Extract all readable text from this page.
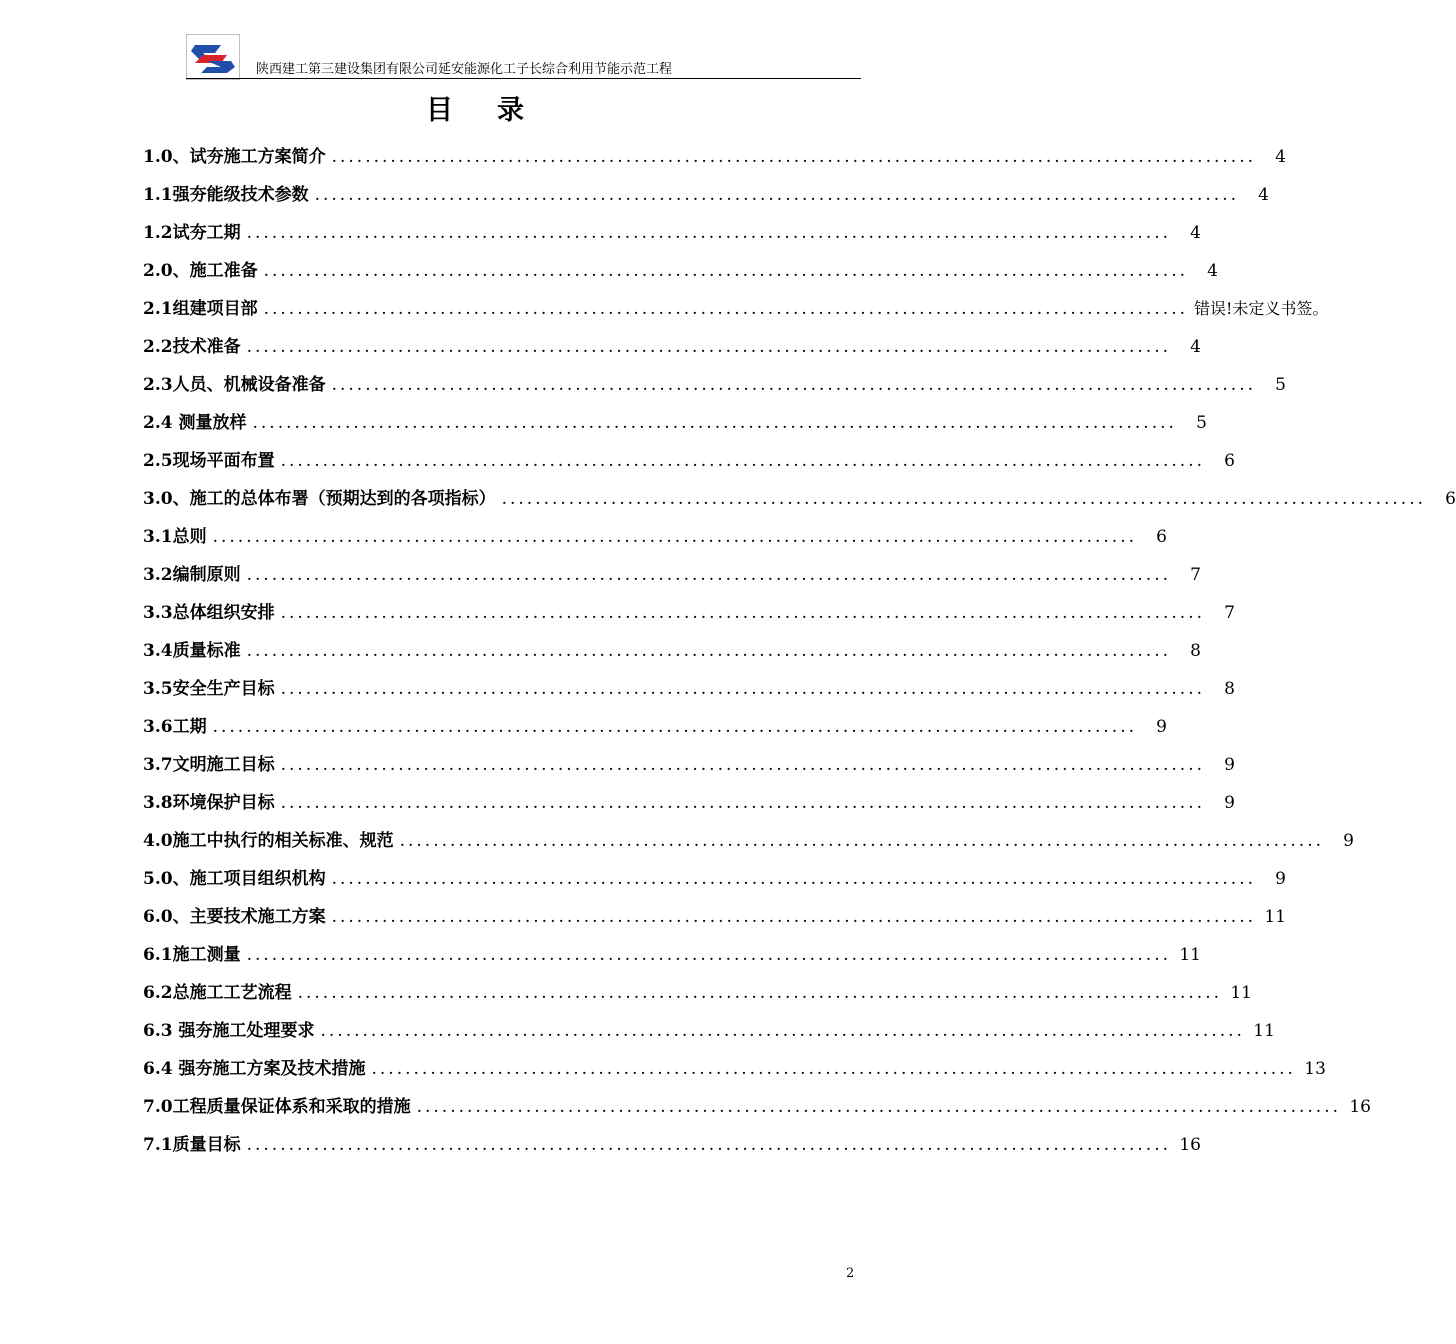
陕西建工第三建设集团有限公司延安能源化工子长综合利用节能示范工程
目录
1.0、试夯施工方案简介 ..............................................................................................................	4
1.1强夯能级技术参数 ..............................................................................................................	4
1.2试夯工期 ..............................................................................................................	4
2.0、施工准备 ..............................................................................................................	4
2.1组建项目部 .............................................................................................................. 错误!未定义书签。
2.2技术准备 ..............................................................................................................	4
2.3人员、机械设备准备 ..............................................................................................................	5
2.4 测量放样 ..............................................................................................................	5
2.5现场平面布置 ..............................................................................................................	6
3.0、施工的总体布署（预期达到的各项指标） ..............................................................................................................	6
3.1总则 ..............................................................................................................	6
3.2编制原则 ..............................................................................................................	7
3.3总体组织安排 ..............................................................................................................	7
3.4质量标准 ..............................................................................................................	8
3.5安全生产目标 ..............................................................................................................	8
3.6工期 ..............................................................................................................	9
3.7文明施工目标 ..............................................................................................................	9
3.8环境保护目标 ..............................................................................................................	9
4.0施工中执行的相关标准、规范 ..............................................................................................................	9
5.0、施工项目组织机构 ..............................................................................................................	9
6.0、主要技术施工方案 .............................................................................................................. 11
6.1施工测量 .............................................................................................................. 11
6.2总施工工艺流程 .............................................................................................................. 11
6.3 强夯施工处理要求 .............................................................................................................. 11
6.4 强夯施工方案及技术措施 .............................................................................................................. 13
7.0工程质量保证体系和采取的措施 .............................................................................................................. 16
7.1质量目标 .............................................................................................................. 16
2
